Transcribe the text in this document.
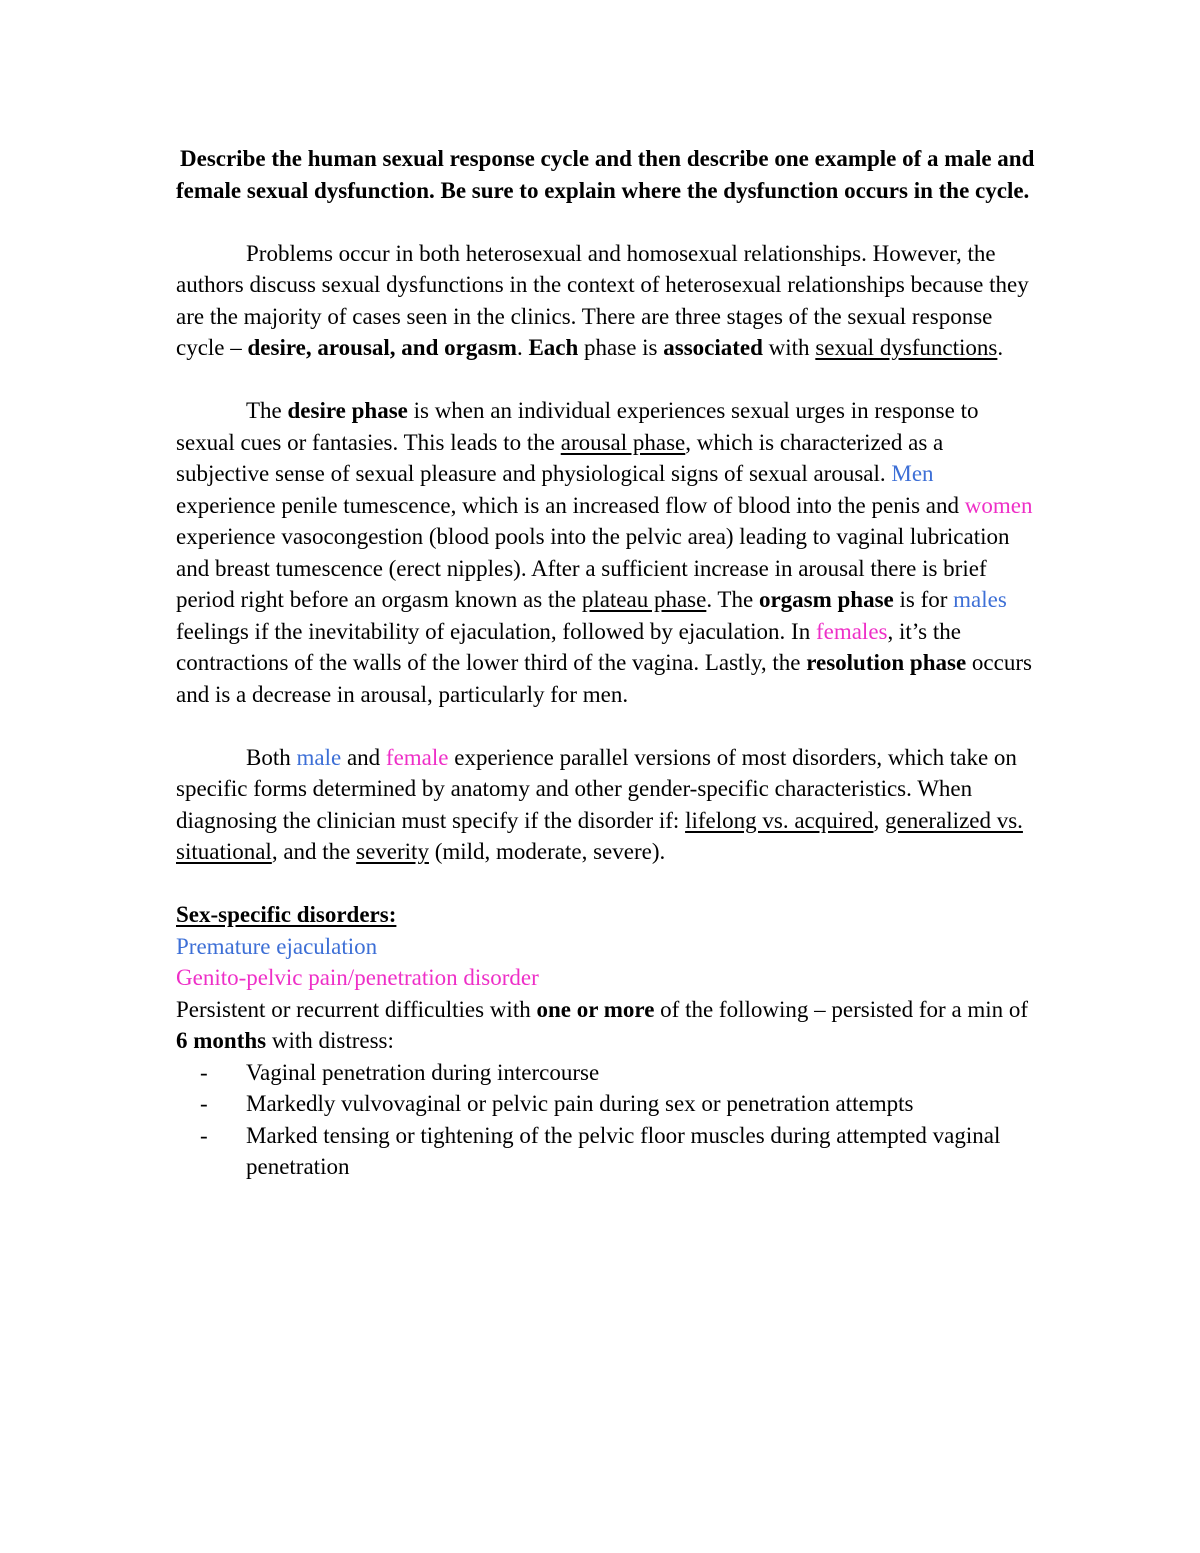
Describe the human sexual response cycle and then describe one example of a male and female sexual dysfunction. Be sure to explain where the dysfunction occurs in the cycle.

Problems occur in both heterosexual and homosexual relationships. However, the authors discuss sexual dysfunctions in the context of heterosexual relationships because they are the majority of cases seen in the clinics. There are three stages of the sexual response cycle – desire, arousal, and orgasm. Each phase is associated with sexual dysfunctions.

The desire phase is when an individual experiences sexual urges in response to sexual cues or fantasies. This leads to the arousal phase, which is characterized as a subjective sense of sexual pleasure and physiological signs of sexual arousal. Men experience penile tumescence, which is an increased flow of blood into the penis and women experience vasocongestion (blood pools into the pelvic area) leading to vaginal lubrication and breast tumescence (erect nipples). After a sufficient increase in arousal there is brief period right before an orgasm known as the plateau phase. The orgasm phase is for males feelings if the inevitability of ejaculation, followed by ejaculation. In females, it’s the contractions of the walls of the lower third of the vagina. Lastly, the resolution phase occurs and is a decrease in arousal, particularly for men.

Both male and female experience parallel versions of most disorders, which take on specific forms determined by anatomy and other gender-specific characteristics. When diagnosing the clinician must specify if the disorder if: lifelong vs. acquired, generalized vs. situational, and the severity (mild, moderate, severe).

Sex-specific disorders:

Premature ejaculation

Genito-pelvic pain/penetration disorder

Persistent or recurrent difficulties with one or more of the following – persisted for a min of 6 months with distress:

- Vaginal penetration during intercourse
- Markedly vulvovaginal or pelvic pain during sex or penetration attempts
- Marked tensing or tightening of the pelvic floor muscles during attempted vaginal penetration
